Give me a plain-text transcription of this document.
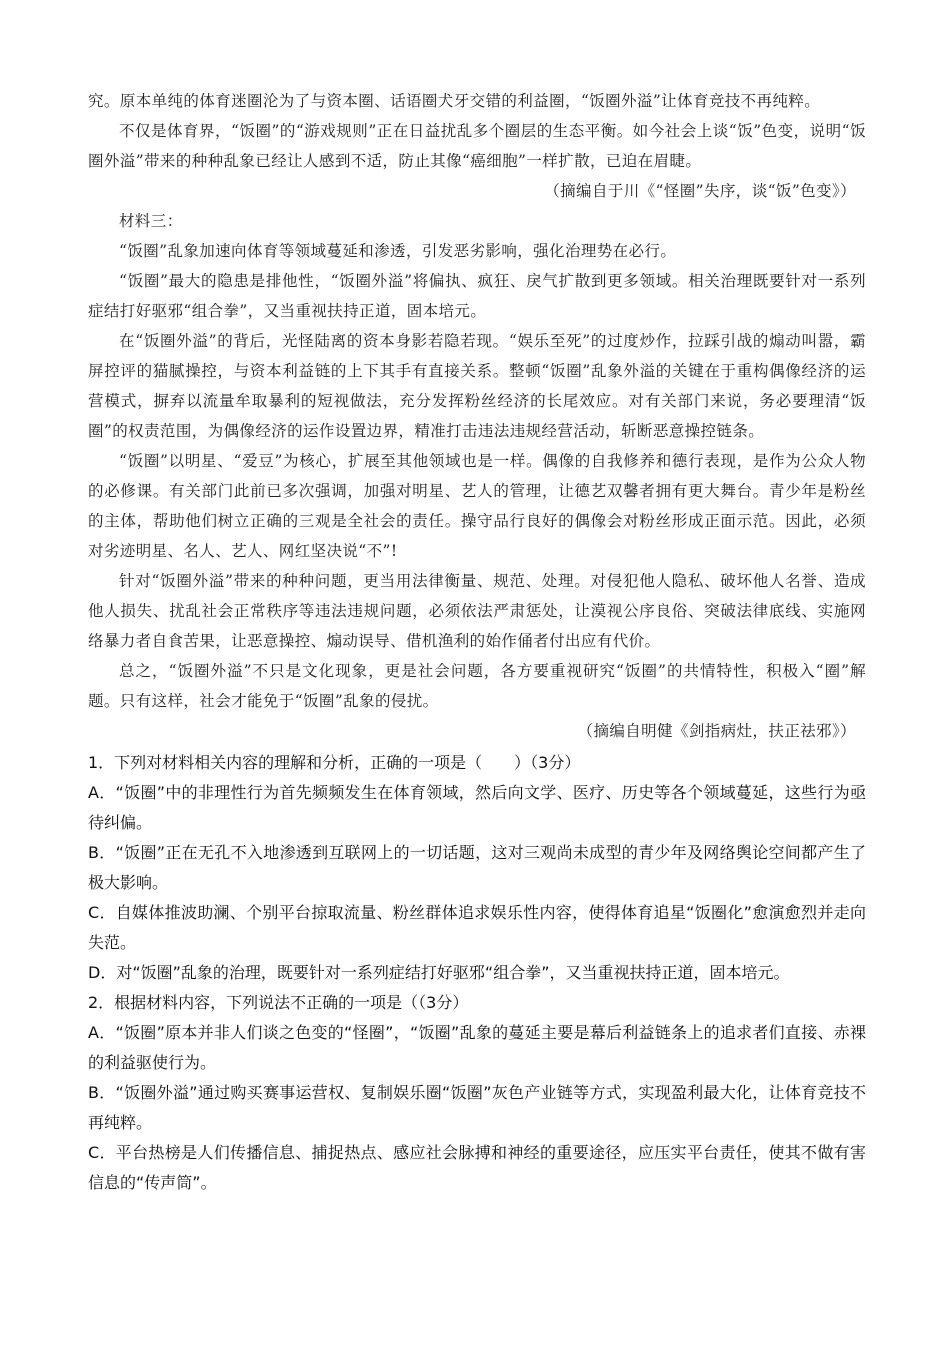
究。原本单纯的体育迷圈沦为了与资本圈、话语圈犬牙交错的利益圈，“饭圈外溢”让体育竞技不再纯粹。

不仅是体育界，“饭圈”的“游戏规则”正在日益扰乱多个圈层的生态平衡。如今社会上谈“饭”色变，说明“饭圈外溢”带来的种种乱象已经让人感到不适，防止其像“癌细胞”一样扩散，已迫在眉睫。

（摘编自于川《“怪圈”失序，谈“饭”色变》）

材料三：

“饭圈”乱象加速向体育等领域蔓延和渗透，引发恶劣影响，强化治理势在必行。

“饭圈”最大的隐患是排他性，“饭圈外溢”将偏执、疯狂、戾气扩散到更多领域。相关治理既要针对一系列症结打好驱邪“组合拳”，又当重视扶持正道，固本培元。

在“饭圈外溢”的背后，光怪陆离的资本身影若隐若现。“娱乐至死”的过度炒作，拉踩引战的煽动叫嚣，霸屏控评的猫腻操控，与资本利益链的上下其手有直接关系。整顿“饭圈”乱象外溢的关键在于重构偶像经济的运营模式，摒弃以流量牟取暴利的短视做法，充分发挥粉丝经济的长尾效应。对有关部门来说，务必要理清“饭圈”的权责范围，为偶像经济的运作设置边界，精准打击违法违规经营活动，斩断恶意操控链条。

“饭圈”以明星、“爱豆”为核心，扩展至其他领域也是一样。偶像的自我修养和德行表现，是作为公众人物的必修课。有关部门此前已多次强调，加强对明星、艺人的管理，让德艺双馨者拥有更大舞台。青少年是粉丝的主体，帮助他们树立正确的三观是全社会的责任。操守品行良好的偶像会对粉丝形成正面示范。因此，必须对劣迹明星、名人、艺人、网红坚决说“不”!

针对“饭圈外溢”带来的种种问题，更当用法律衡量、规范、处理。对侵犯他人隐私、破坏他人名誉、造成他人损失、扰乱社会正常秩序等违法违规问题，必须依法严肃惩处，让漠视公序良俗、突破法律底线、实施网络暴力者自食苦果，让恶意操控、煽动误导、借机渔利的始作俑者付出应有代价。

总之，“饭圈外溢”不只是文化现象，更是社会问题，各方要重视研究“饭圈”的共情特性，积极入“圈”解题。只有这样，社会才能免于“饭圈”乱象的侵扰。

（摘编自明健《剑指病灶，扶正祛邪》）

1．下列对材料相关内容的理解和分析，正确的一项是（　　）（3分）

A．“饭圈”中的非理性行为首先频频发生在体育领域，然后向文学、医疗、历史等各个领域蔓延，这些行为亟待纠偏。

B．“饭圈”正在无孔不入地渗透到互联网上的一切话题，这对三观尚未成型的青少年及网络舆论空间都产生了极大影响。

C．自媒体推波助澜、个别平台掠取流量、粉丝群体追求娱乐性内容，使得体育追星“饭圈化”愈演愈烈并走向失范。

D．对“饭圈”乱象的治理，既要针对一系列症结打好驱邪“组合拳”，又当重视扶持正道，固本培元。

2．根据材料内容，下列说法不正确的一项是（（3分）

A．“饭圈”原本并非人们谈之色变的“怪圈”，“饭圈”乱象的蔓延主要是幕后利益链条上的追求者们直接、赤裸的利益驱使行为。

B．“饭圈外溢”通过购买赛事运营权、复制娱乐圈“饭圈”灰色产业链等方式，实现盈利最大化，让体育竞技不再纯粹。

C．平台热榜是人们传播信息、捕捉热点、感应社会脉搏和神经的重要途径，应压实平台责任，使其不做有害信息的“传声筒”。
